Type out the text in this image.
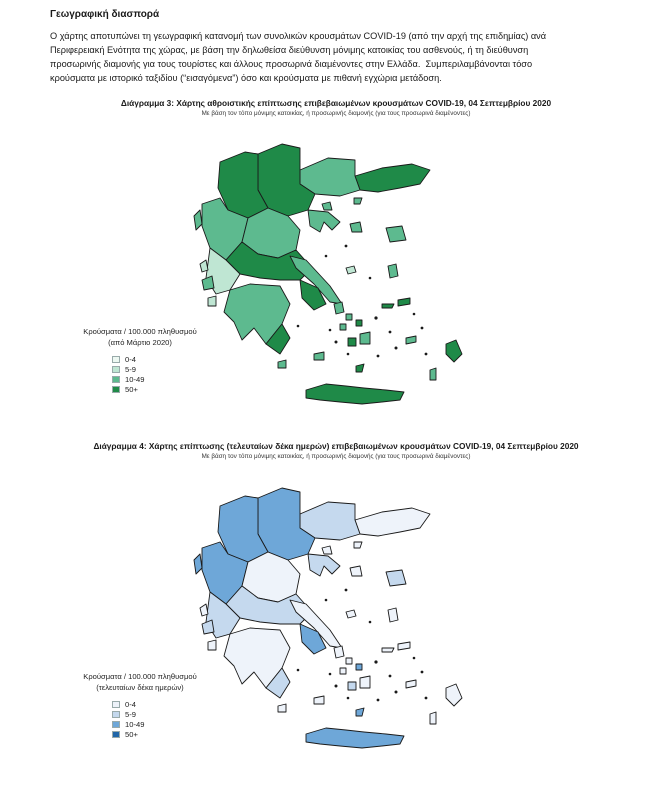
Γεωγραφική διασπορά
Ο χάρτης αποτυπώνει τη γεωγραφική κατανομή των συνολικών κρουσμάτων COVID-19 (από την αρχή της επιδημίας) ανά
Περιφερειακή Ενότητα της χώρας, με βάση την δηλωθείσα διεύθυνση μόνιμης κατοικίας του ασθενούς, ή τη διεύθυνση
προσωρινής διαμονής για τους τουρίστες και άλλους προσωρινά διαμένοντες στην Ελλάδα.  Συμπεριλαμβάνονται τόσο
κρούσματα με ιστορικό ταξιδίου (“εισαγόμενα”) όσο και κρούσματα με πιθανή εγχώρια μετάδοση.
Διάγραμμα 3: Χάρτης αθροιστικής επίπτωσης επιβεβαιωμένων κρουσμάτων COVID-19, 04 Σεπτεμβρίου 2020
Με βάση τον τόπο μόνιμης κατοικίας, ή προσωρινής διαμονής (για τους προσωρινά διαμένοντες)
Κρούσματα / 100.000 πληθυσμού
(από Μάρτιο 2020)
0-4
5-9
10-49
50+
Διάγραμμα 4: Χάρτης επίπτωσης (τελευταίων δέκα ημερών) επιβεβαιωμένων κρουσμάτων COVID-19, 04 Σεπτεμβρίου 2020
Με βάση τον τόπο μόνιμης κατοικίας, ή προσωρινής διαμονής (για τους προσωρινά διαμένοντες)
Κρούσματα / 100.000 πληθυσμού
(τελευταίων δέκα ημερών)
0-4
5-9
10-49
50+
